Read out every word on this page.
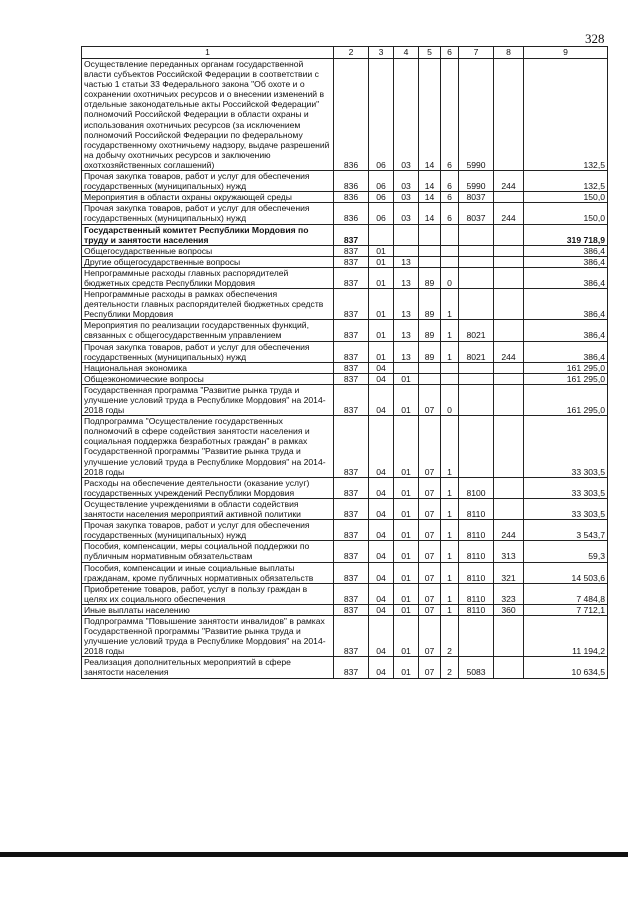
328
1	2	3	4	5	6	7	8	9
Осуществление переданных органам государственной власти субъектов Российской Федерации в соответствии с частью 1 статьи 33 Федерального закона "Об охоте и о сохранении охотничьих ресурсов и о внесении изменений в отдельные законодательные акты Российской Федерации" полномочий Российской Федерации в области охраны и использования охотничьих ресурсов (за исключением полномочий Российской Федерации по федеральному государственному охотничьему надзору, выдаче разрешений на добычу охотничьих ресурсов и заключению охотхозяйственных соглашений)	836	06	03	14	6	5990		132,5
Прочая закупка товаров, работ и услуг для обеспечения государственных (муниципальных) нужд	836	06	03	14	6	5990	244	132,5
Мероприятия в области охраны окружающей среды	836	06	03	14	6	8037		150,0
Прочая закупка товаров, работ и услуг для обеспечения государственных (муниципальных) нужд	836	06	03	14	6	8037	244	150,0
Государственный комитет Республики Мордовия по труду и занятости населения	837							319 718,9
Общегосударственные вопросы	837	01						386,4
Другие общегосударственные вопросы	837	01	13					386,4
Непрограммные расходы главных распорядителей бюджетных средств Республики Мордовия	837	01	13	89	0			386,4
Непрограммные расходы в рамках обеспечения деятельности главных распорядителей бюджетных средств Республики Мордовия	837	01	13	89	1			386,4
Мероприятия по реализации государственных функций, связанных с общегосударственным управлением	837	01	13	89	1	8021		386,4
Прочая закупка товаров, работ и услуг для обеспечения государственных (муниципальных) нужд	837	01	13	89	1	8021	244	386,4
Национальная экономика	837	04						161 295,0
Общеэкономические вопросы	837	04	01					161 295,0
Государственная программа "Развитие рынка труда и улучшение условий труда в Республике Мордовия" на 2014-2018 годы	837	04	01	07	0			161 295,0
Подпрограмма "Осуществление государственных полномочий в сфере содействия занятости населения и социальная поддержка безработных граждан" в рамках Государственной программы "Развитие рынка труда и улучшение условий труда в Республике Мордовия" на 2014-2018 годы	837	04	01	07	1			33 303,5
Расходы на обеспечение деятельности (оказание услуг) государственных учреждений Республики Мордовия	837	04	01	07	1	8100		33 303,5
Осуществление учреждениями в области содействия занятости населения мероприятий активной политики	837	04	01	07	1	8110		33 303,5
Прочая закупка товаров, работ и услуг для обеспечения государственных (муниципальных) нужд	837	04	01	07	1	8110	244	3 543,7
Пособия, компенсации, меры социальной поддержки по публичным нормативным обязательствам	837	04	01	07	1	8110	313	59,3
Пособия, компенсации и иные социальные выплаты гражданам, кроме публичных нормативных обязательств	837	04	01	07	1	8110	321	14 503,6
Приобретение товаров, работ, услуг в пользу граждан в целях их социального обеспечения	837	04	01	07	1	8110	323	7 484,8
Иные выплаты населению	837	04	01	07	1	8110	360	7 712,1
Подпрограмма "Повышение занятости инвалидов" в рамках Государственной программы "Развитие рынка труда и улучшение условий труда в Республике Мордовия" на 2014-2018 годы	837	04	01	07	2			11 194,2
Реализация дополнительных мероприятий в сфере занятости населения	837	04	01	07	2	5083		10 634,5
